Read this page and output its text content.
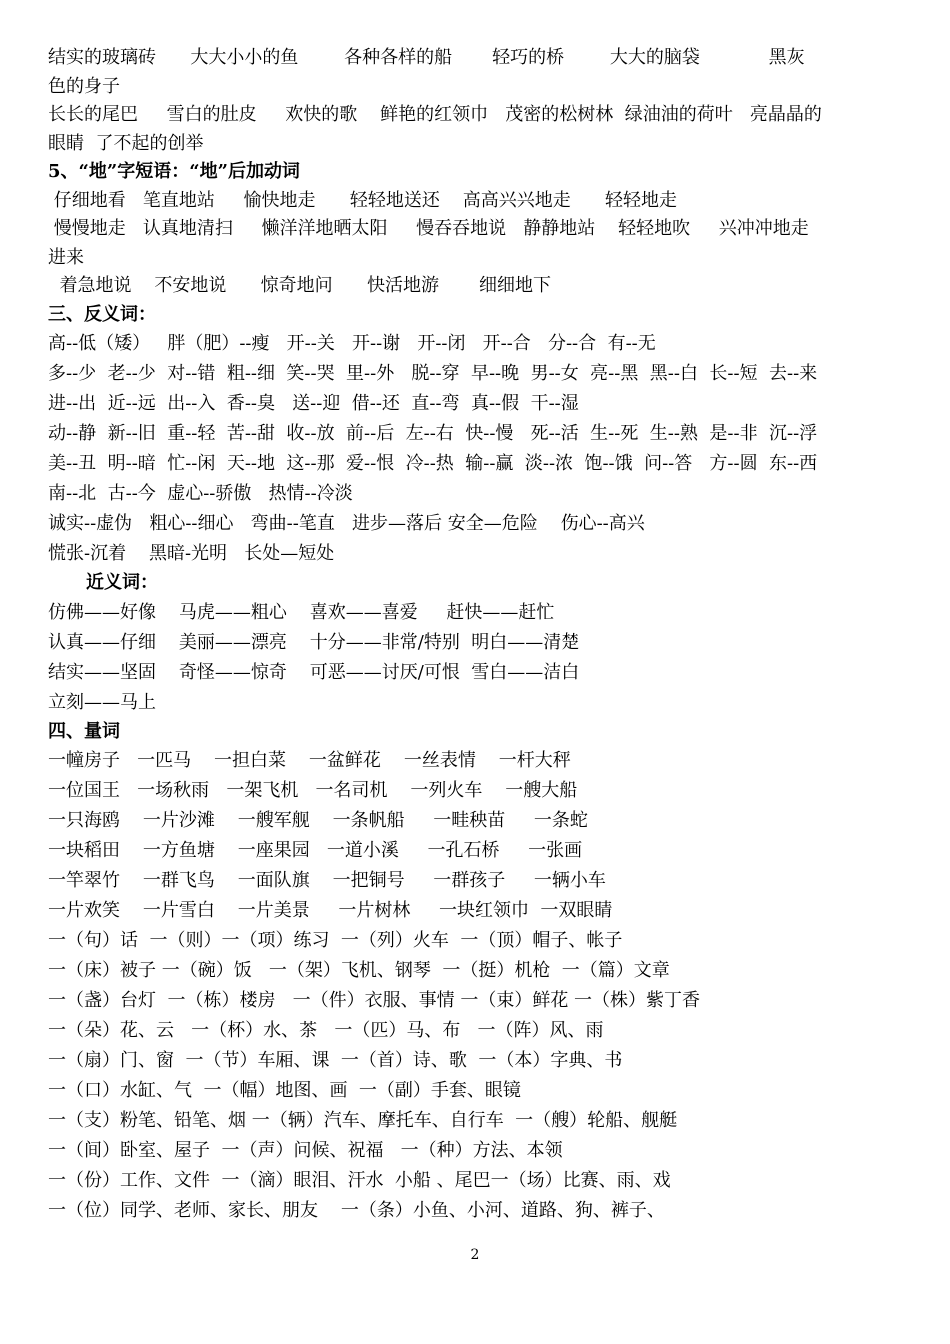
结实的玻璃砖      大大小小的鱼        各种各样的船       轻巧的桥        大大的脑袋            黑灰
色的身子
长长的尾巴     雪白的肚皮     欢快的歌    鲜艳的红领巾   茂密的松树林  绿油油的荷叶   亮晶晶的
眼睛  了不起的创举
5、“地”字短语：“地”后加动词
仔细地看   笔直地站     愉快地走      轻轻地送还    高高兴兴地走      轻轻地走
慢慢地走   认真地清扫     懒洋洋地晒太阳     慢吞吞地说   静静地站    轻轻地吹     兴冲冲地走
进来
着急地说    不安地说      惊奇地问      快活地游       细细地下
三、反义词：
高--低（矮）   胖（肥）--瘦   开--关   开--谢   开--闭   开--合   分--合  有--无
多--少  老--少  对--错  粗--细  笑--哭  里--外   脱--穿  早--晚  男--女  亮--黑  黑--白  长--短  去--来
进--出  近--远  出--入  香--臭   送--迎  借--还  直--弯  真--假  干--湿
动--静  新--旧  重--轻  苦--甜  收--放  前--后  左--右  快--慢   死--活  生--死  生--熟  是--非  沉--浮
美--丑  明--暗  忙--闲  天--地  这--那  爱--恨  冷--热  输--赢  淡--浓  饱--饿  问--答   方--圆  东--西
南--北  古--今  虚心--骄傲   热情--冷淡
诚实--虚伪   粗心--细心   弯曲--笔直   进步—落后 安全—危险    伤心--高兴
慌张-沉着    黑暗-光明   长处—短处
近义词：
仿佛——好像    马虎——粗心    喜欢——喜爱     赶快——赶忙
认真——仔细    美丽——漂亮    十分——非常/特别  明白——清楚
结实——坚固    奇怪——惊奇    可恶——讨厌/可恨  雪白——洁白
立刻——马上
四、量词
一幢房子   一匹马    一担白菜    一盆鲜花    一丝表情    一杆大秤
一位国王   一场秋雨   一架飞机   一名司机    一列火车    一艘大船
一只海鸥    一片沙滩    一艘军舰    一条帆船     一畦秧苗     一条蛇
一块稻田    一方鱼塘    一座果园   一道小溪     一孔石桥     一张画
一竿翠竹    一群飞鸟    一面队旗    一把铜号     一群孩子     一辆小车
一片欢笑    一片雪白    一片美景     一片树林     一块红领巾  一双眼睛
一（句）话  一（则）一（项）练习  一（列）火车  一（顶）帽子、帐子
一（床）被子 一（碗）饭   一（架）飞机、钢琴  一（挺）机枪  一（篇）文章
一（盏）台灯  一（栋）楼房   一（件）衣服、事情 一（束）鲜花 一（株）紫丁香
一（朵）花、云   一（杯）水、茶   一（匹）马、布   一（阵）风、雨
一（扇）门、窗  一（节）车厢、课  一（首）诗、歌  一（本）字典、书
一（口）水缸、气  一（幅）地图、画  一（副）手套、眼镜
一（支）粉笔、铅笔、烟 一（辆）汽车、摩托车、自行车  一（艘）轮船、舰艇
一（间）卧室、屋子  一（声）问候、祝福   一（种）方法、本领
一（份）工作、文件  一（滴）眼泪、汗水  小船 、尾巴一（场）比赛、雨、戏
一（位）同学、老师、家长、朋友    一（条）小鱼、小河、道路、狗、裤子、
2
